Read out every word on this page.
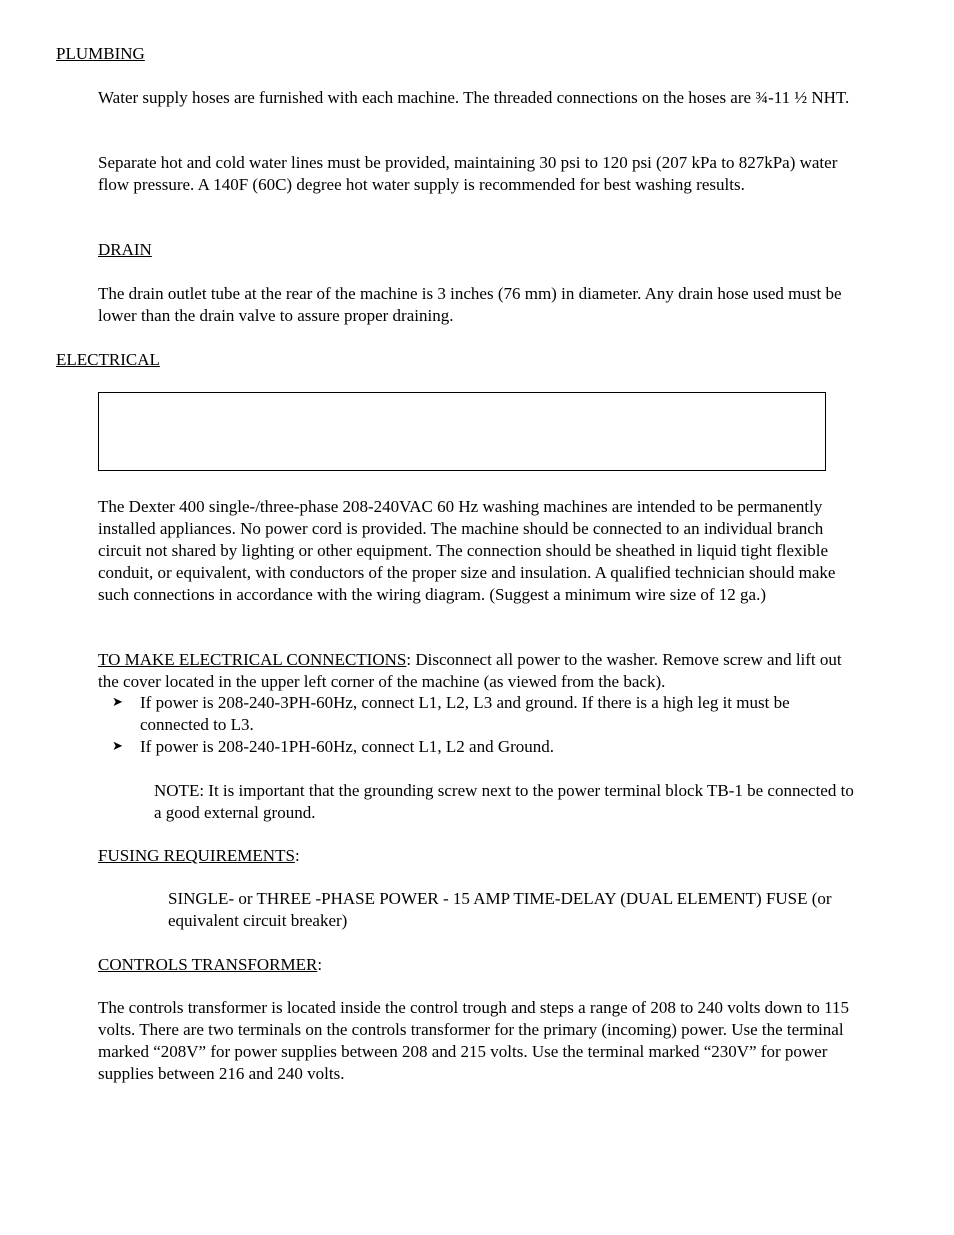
PLUMBING

Water supply hoses are furnished with each machine. The threaded connections on the hoses are ¾-11 ½ NHT.

Separate hot and cold water lines must be provided, maintaining 30 psi to 120 psi (207 kPa to 827kPa) water flow pressure. A 140F (60C) degree hot water supply is recommended for best washing results.

DRAIN

The drain outlet tube at the rear of the machine is 3 inches (76 mm) in diameter. Any drain hose used must be lower than the drain valve to assure proper draining.

ELECTRICAL

The Dexter 400 single-/three-phase 208-240VAC 60 Hz washing machines are intended to be permanently installed appliances. No power cord is provided. The machine should be connected to an individual branch circuit not shared by lighting or other equipment. The connection should be sheathed in liquid tight flexible conduit, or equivalent, with conductors of the proper size and insulation. A qualified technician should make such connections in accordance with the wiring diagram. (Suggest a minimum wire size of 12 ga.)

TO MAKE ELECTRICAL CONNECTIONS: Disconnect all power to the washer. Remove screw and lift out the cover located in the upper left corner of the machine (as viewed from the back).

➤	If power is 208-240-3PH-60Hz, connect L1, L2, L3 and ground. If there is a high leg it must be connected to L3.
➤	If power is 208-240-1PH-60Hz, connect L1, L2 and Ground.

NOTE: It is important that the grounding screw next to the power terminal block TB-1 be connected to a good external ground.

FUSING REQUIREMENTS:

SINGLE- or THREE -PHASE POWER - 15 AMP TIME-DELAY (DUAL ELEMENT) FUSE (or equivalent circuit breaker)

CONTROLS TRANSFORMER:

The controls transformer is located inside the control trough and steps a range of 208 to 240 volts down to 115 volts. There are two terminals on the controls transformer for the primary (incoming) power. Use the terminal marked “208V” for power supplies between 208 and 215 volts. Use the terminal marked “230V” for power supplies between 216 and 240 volts.
